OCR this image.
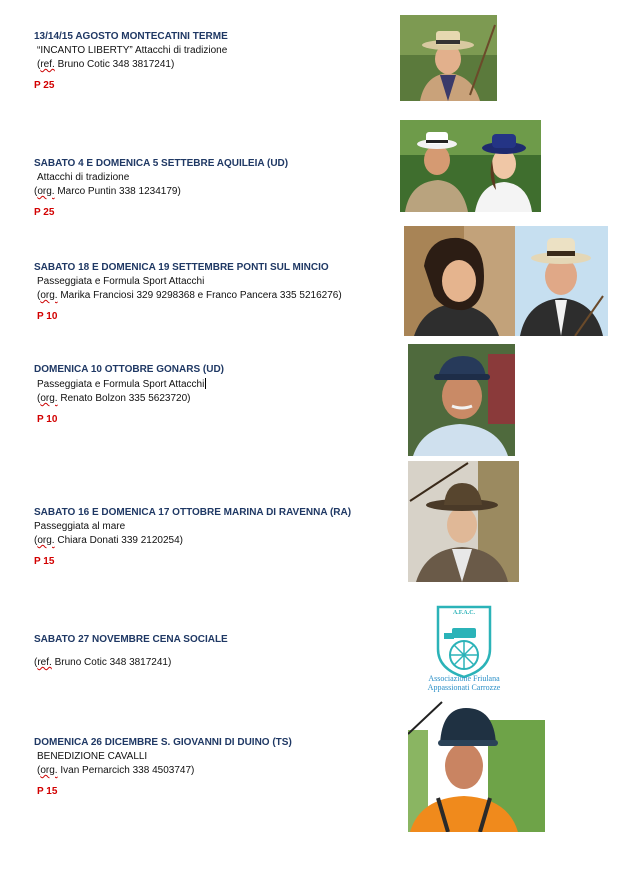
13/14/15 AGOSTO MONTECATINI TERME
“INCANTO LIBERTY” Attacchi di tradizione
(ref. Bruno Cotic 348 3817241)
P 25
SABATO 4 E DOMENICA 5 SETTEBRE AQUILEIA (UD)
Attacchi di tradizione
(org. Marco Puntin 338 1234179)
P 25
SABATO 18 E DOMENICA 19 SETTEMBRE PONTI SUL MINCIO
Passeggiata e Formula Sport Attacchi
(org. Marika Franciosi 329 9298368 e Franco Pancera 335 5216276)
P 10
DOMENICA 10 OTTOBRE GONARS (UD)
Passeggiata e Formula Sport Attacchi
(org. Renato Bolzon 335 5623720)
P 10
SABATO 16 E DOMENICA 17 OTTOBRE MARINA DI RAVENNA (RA)
Passeggiata al mare
(org. Chiara Donati 339 2120254)
P 15
SABATO 27 NOVEMBRE CENA SOCIALE
(ref. Bruno Cotic 348 3817241)
DOMENICA 26 DICEMBRE S. GIOVANNI DI DUINO (TS)
BENEDIZIONE CAVALLI
(org. Ivan Pernarcich 338 4503747)
P 15
A.F.A.C.
Associazione Friulana
Appassionati Carrozze
